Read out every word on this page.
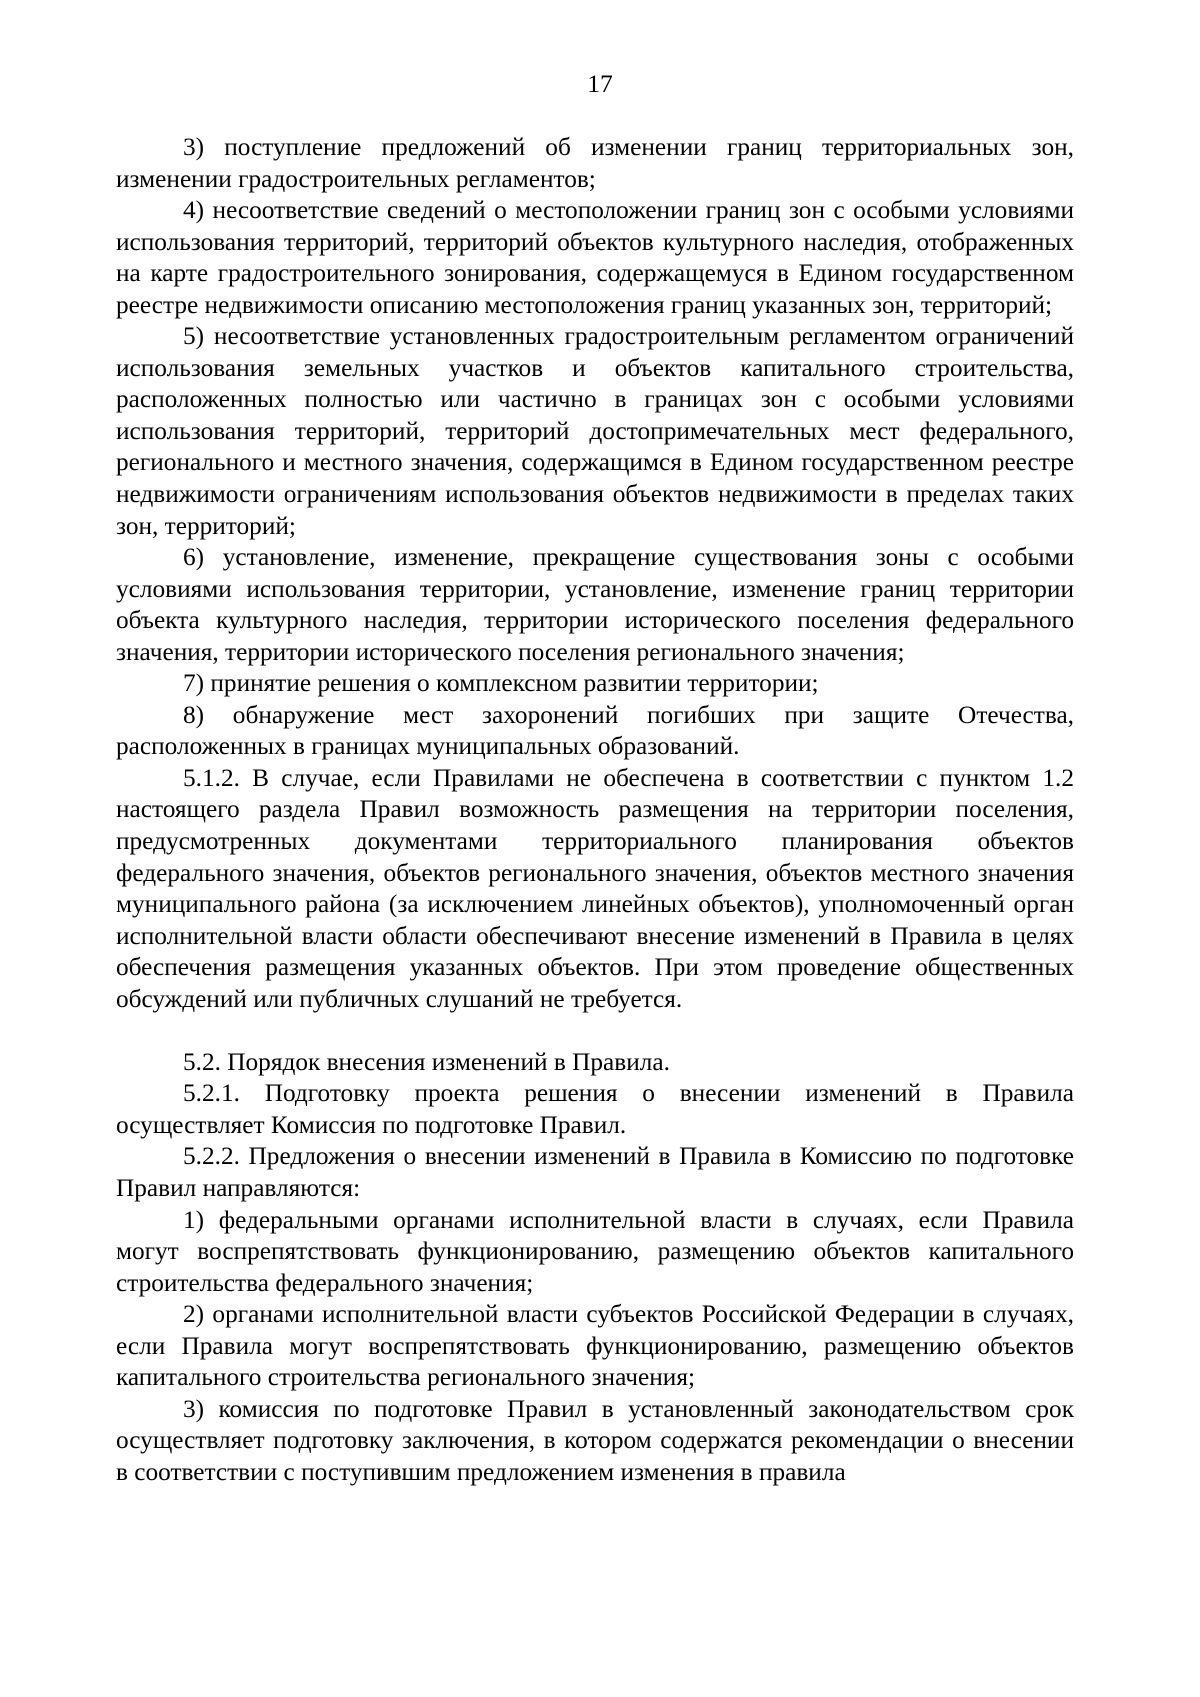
17

3) поступление предложений об изменении границ территориальных зон, изменении градостроительных регламентов;

4) несоответствие сведений о местоположении границ зон с особыми условиями использования территорий, территорий объектов культурного наследия, отображенных на карте градостроительного зонирования, содержащемуся в Едином государственном реестре недвижимости описанию местоположения границ указанных зон, территорий;

5) несоответствие установленных градостроительным регламентом ограничений использования земельных участков и объектов капитального строительства, расположенных полностью или частично в границах зон с особыми условиями использования территорий, территорий достопримечательных мест федерального, регионального и местного значения, содержащимся в Едином государственном реестре недвижимости ограничениям использования объектов недвижимости в пределах таких зон, территорий;

6) установление, изменение, прекращение существования зоны с особыми условиями использования территории, установление, изменение границ территории объекта культурного наследия, территории исторического поселения федерального значения, территории исторического поселения регионального значения;

7) принятие решения о комплексном развитии территории;

8) обнаружение мест захоронений погибших при защите Отечества, расположенных в границах муниципальных образований.

5.1.2. В случае, если Правилами не обеспечена в соответствии с пунктом 1.2 настоящего раздела Правил возможность размещения на территории поселения, предусмотренных документами территориального планирования объектов федерального значения, объектов регионального значения, объектов местного значения муниципального района (за исключением линейных объектов), уполномоченный орган исполнительной власти области обеспечивают внесение изменений в Правила в целях обеспечения размещения указанных объектов. При этом проведение общественных обсуждений или публичных слушаний не требуется.

5.2. Порядок внесения изменений в Правила.

5.2.1. Подготовку проекта решения о внесении изменений в Правила осуществляет Комиссия по подготовке Правил.

5.2.2. Предложения о внесении изменений в Правила в Комиссию по подготовке Правил направляются:

1) федеральными органами исполнительной власти в случаях, если Правила могут воспрепятствовать функционированию, размещению объектов капитального строительства федерального значения;

2) органами исполнительной власти субъектов Российской Федерации в случаях, если Правила могут воспрепятствовать функционированию, размещению объектов капитального строительства регионального значения;

3) комиссия по подготовке Правил в установленный законодательством срок осуществляет подготовку заключения, в котором содержатся рекомендации о внесении в соответствии с поступившим предложением изменения в правила
